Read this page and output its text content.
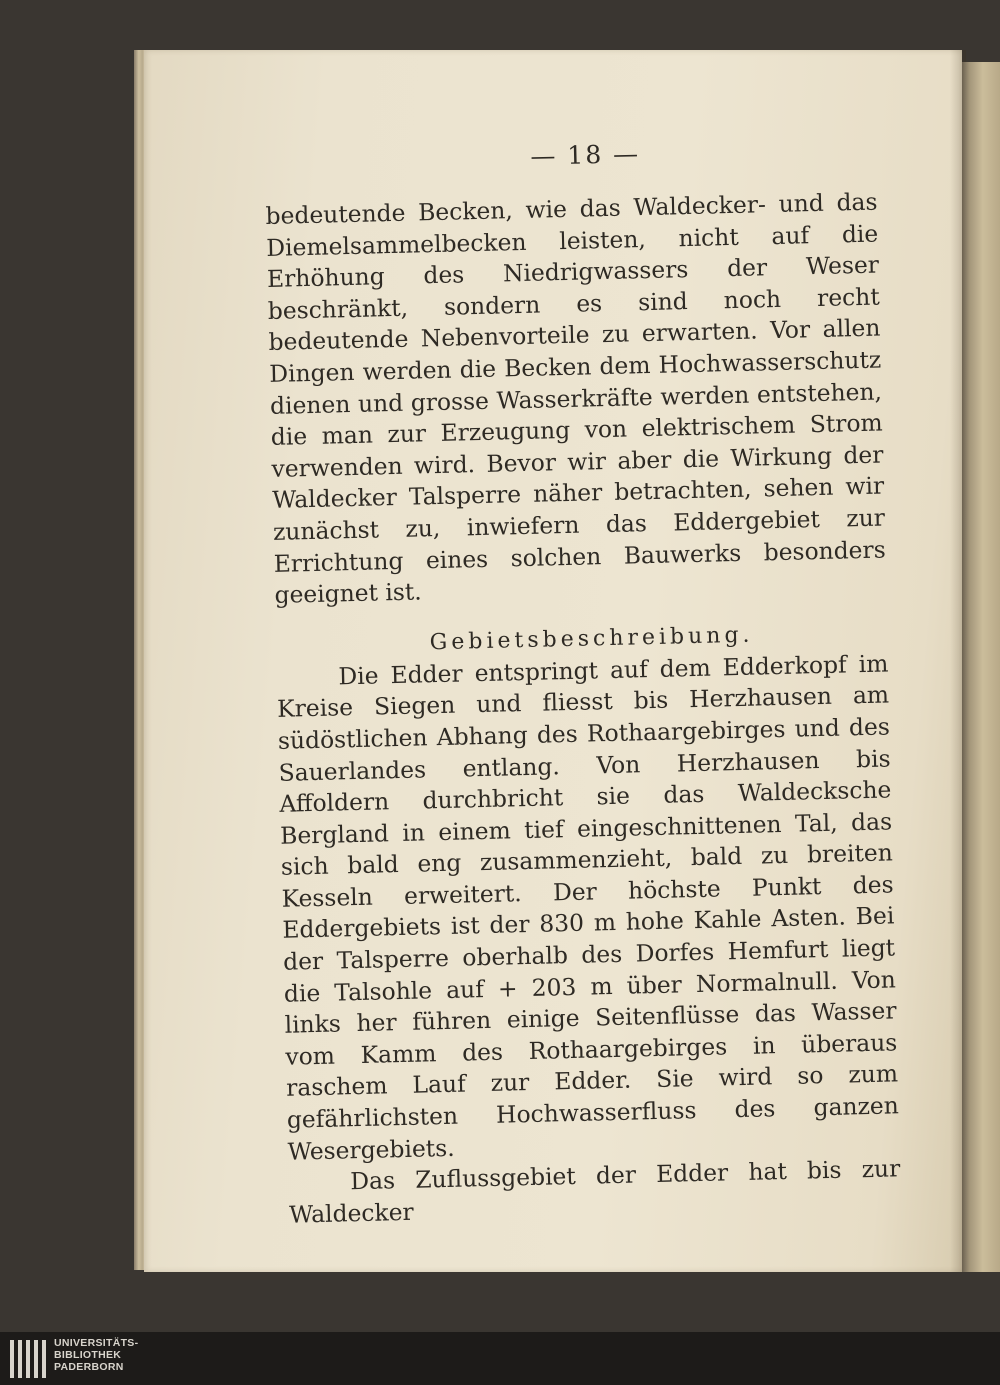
— 18 —

bedeutende Becken, wie das Waldecker- und das Diemelsammelbecken leisten, nicht auf die Erhöhung des Niedrigwassers der Weser beschränkt, sondern es sind noch recht bedeutende Nebenvorteile zu erwarten. Vor allen Dingen werden die Becken dem Hochwasserschutz dienen und grosse Wasserkräfte werden entstehen, die man zur Erzeugung von elektrischem Strom verwenden wird. Bevor wir aber die Wirkung der Waldecker Talsperre näher betrachten, sehen wir zunächst zu, inwiefern das Eddergebiet zur Errichtung eines solchen Bauwerks besonders geeignet ist.

Gebietsbeschreibung.

Die Edder entspringt auf dem Edderkopf im Kreise Siegen und fliesst bis Herzhausen am südöstlichen Abhang des Rothaargebirges und des Sauerlandes entlang. Von Herzhausen bis Affoldern durchbricht sie das Waldecksche Bergland in einem tief eingeschnittenen Tal, das sich bald eng zusammenzieht, bald zu breiten Kesseln erweitert. Der höchste Punkt des Eddergebiets ist der 830 m hohe Kahle Asten. Bei der Talsperre oberhalb des Dorfes Hemfurt liegt die Talsohle auf + 203 m über Normalnull. Von links her führen einige Seitenflüsse das Wasser vom Kamm des Rothaargebirges in überaus raschem Lauf zur Edder. Sie wird so zum gefährlichsten Hochwasserfluss des ganzen Wesergebiets.

Das Zuflussgebiet der Edder hat bis zur Waldecker

UNIVERSITÄTS-
BIBLIOTHEK
PADERBORN
